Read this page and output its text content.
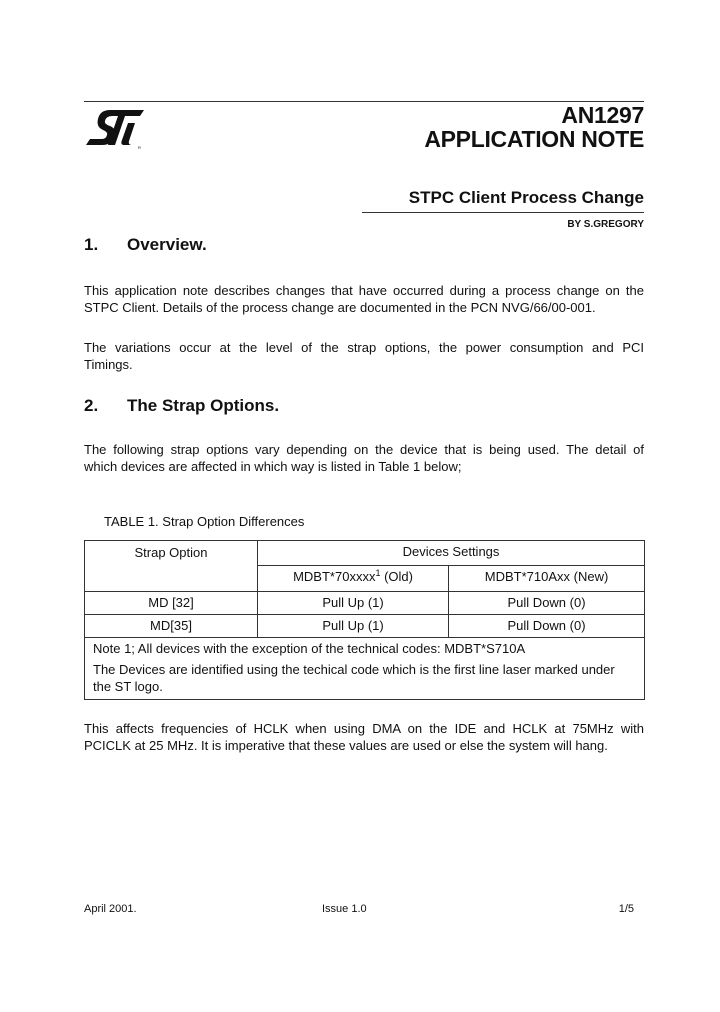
R
AN1297
APPLICATION NOTE
STPC Client Process Change
BY S.GREGORY
1. Overview.
This application note describes changes that have occurred during a process change on the
STPC Client. Details of the process change are documented in the PCN NVG/66/00-001.
The variations occur at the level of the strap options, the power consumption and PCI
Timings.
2. The Strap Options.
The following strap options vary depending on the device that is being used. The detail of
which devices are affected in which way is listed in Table 1 below;
TABLE 1. Strap Option Differences
Strap Option	Devices Settings	
	MDBT*70xxxx$^1$ (Old)	MDBT*710Axx (New)
MD [32]	Pull Up (1)	Pull Down (0)
MD[35]	Pull Up (1)	Pull Down (0)

Note 1; All devices with the exception of the technical codes: MDBT*S710A
The Devices are identified using the techical code which is the first line laser marked under the ST logo.		
This affects frequencies of HCLK when using DMA on the IDE and HCLK at 75MHz with
PCICLK at 25 MHz. It is imperative that these values are used or else the system will hang.
April 2001.	Issue 1.0	1/5
